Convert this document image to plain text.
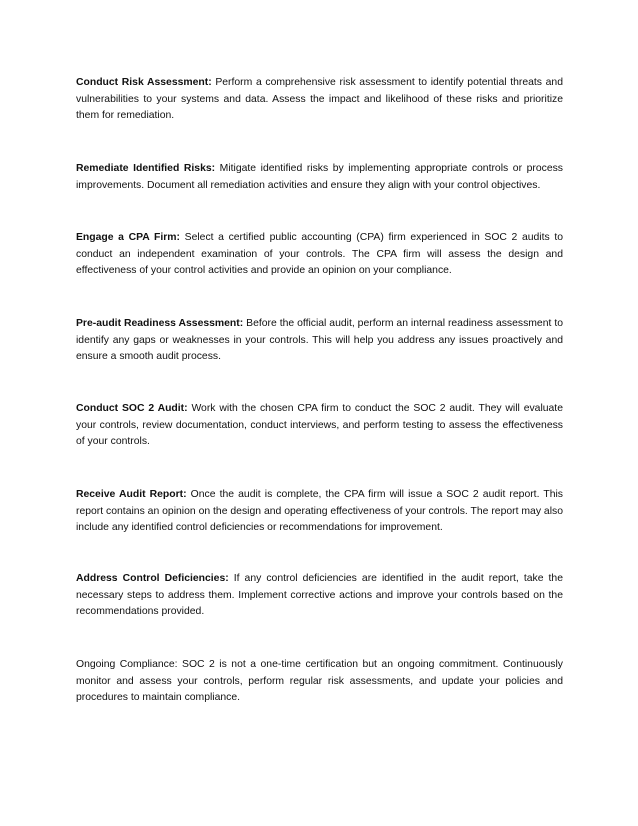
Conduct Risk Assessment: Perform a comprehensive risk assessment to identify potential threats and vulnerabilities to your systems and data. Assess the impact and likelihood of these risks and prioritize them for remediation.

Remediate Identified Risks: Mitigate identified risks by implementing appropriate controls or process improvements. Document all remediation activities and ensure they align with your control objectives.

Engage a CPA Firm: Select a certified public accounting (CPA) firm experienced in SOC 2 audits to conduct an independent examination of your controls. The CPA firm will assess the design and effectiveness of your control activities and provide an opinion on your compliance.

Pre-audit Readiness Assessment: Before the official audit, perform an internal readiness assessment to identify any gaps or weaknesses in your controls. This will help you address any issues proactively and ensure a smooth audit process.

Conduct SOC 2 Audit: Work with the chosen CPA firm to conduct the SOC 2 audit. They will evaluate your controls, review documentation, conduct interviews, and perform testing to assess the effectiveness of your controls.

Receive Audit Report: Once the audit is complete, the CPA firm will issue a SOC 2 audit report. This report contains an opinion on the design and operating effectiveness of your controls. The report may also include any identified control deficiencies or recommendations for improvement.

Address Control Deficiencies: If any control deficiencies are identified in the audit report, take the necessary steps to address them. Implement corrective actions and improve your controls based on the recommendations provided.

Ongoing Compliance: SOC 2 is not a one-time certification but an ongoing commitment. Continuously monitor and assess your controls, perform regular risk assessments, and update your policies and procedures to maintain compliance.
